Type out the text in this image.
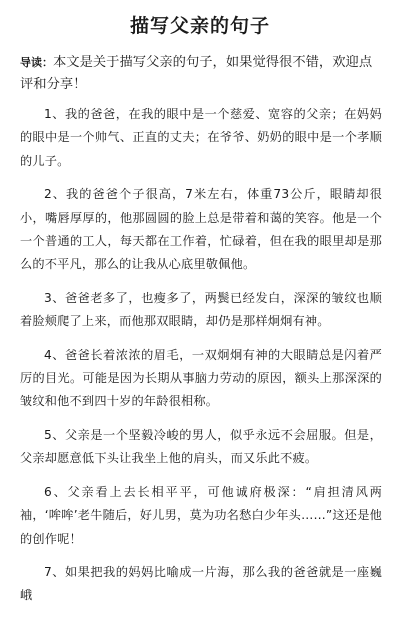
描写父亲的句子
导读：本文是关于描写父亲的句子，如果觉得很不错，欢迎点评和分享！

1、我的爸爸，在我的眼中是一个慈爱、宽容的父亲；在妈妈的眼中是一个帅气、正直的丈夫；在爷爷、奶奶的眼中是一个孝顺的儿子。

2、我的爸爸个子很高，7米左右，体重73公斤，眼睛却很小，嘴唇厚厚的，他那圆圆的脸上总是带着和蔼的笑容。他是一个一个普通的工人，每天都在工作着，忙碌着，但在我的眼里却是那么的不平凡，那么的让我从心底里敬佩他。

3、爸爸老多了，也瘦多了，两鬓已经发白，深深的皱纹也顺着脸颊爬了上来，而他那双眼睛，却仍是那样炯炯有神。

4、爸爸长着浓浓的眉毛，一双炯炯有神的大眼睛总是闪着严厉的目光。可能是因为长期从事脑力劳动的原因，额头上那深深的皱纹和他不到四十岁的年龄很相称。

5、父亲是一个坚毅冷峻的男人，似乎永远不会屈服。但是，父亲却愿意低下头让我坐上他的肩头，而又乐此不疲。

6、父亲看上去长相平平，可他诚府极深：“肩担清风两袖，‘哞哞’老牛随后，好儿男，莫为功名愁白少年头……”这还是他的创作呢！

7、如果把我的妈妈比喻成一片海，那么我的爸爸就是一座巍峨
